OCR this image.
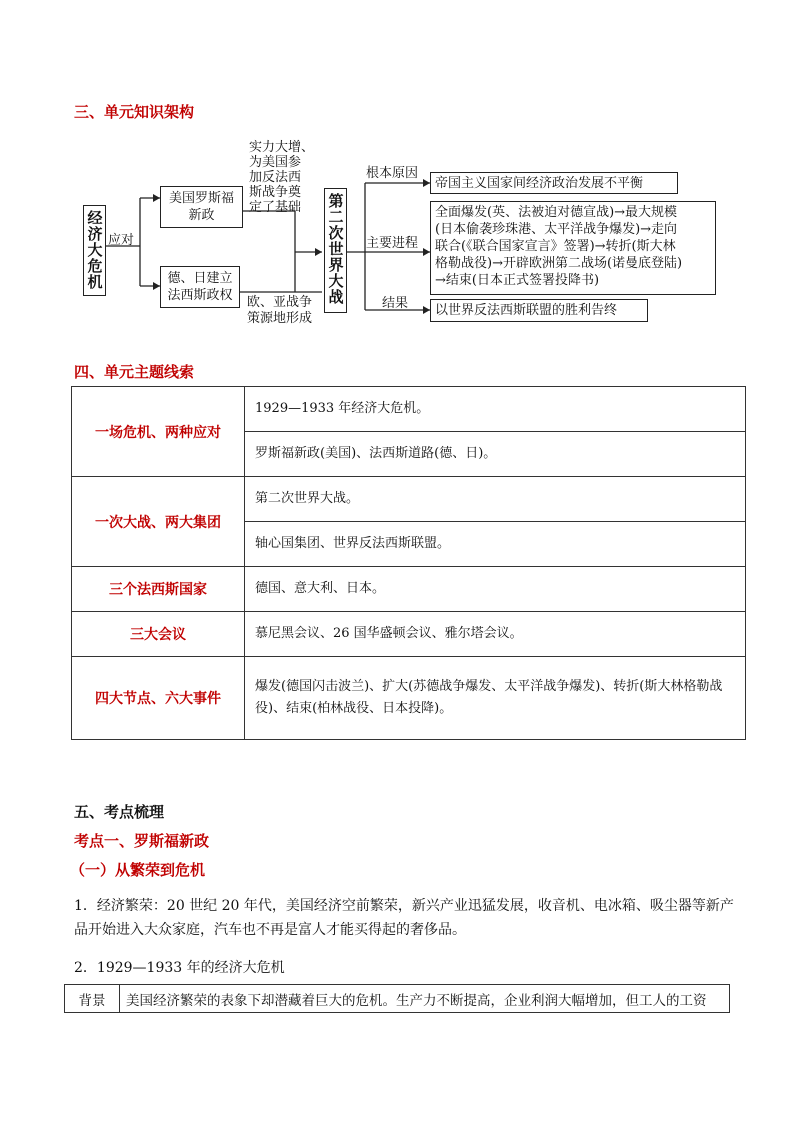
三、单元知识架构
经济大危机 应对
美国罗斯福
新政
德、日建立
法西斯政权
实力大增、
为美国参
加反法西
斯战争奠
定了基础
欧、亚战争
策源地形成
第二次世界大战
根本原因
帝国主义国家间经济政治发展不平衡
主要进程
全面爆发(英、法被迫对德宣战)→最大规模
(日本偷袭珍珠港、太平洋战争爆发)→走向
联合(《联合国家宣言》签署)→转折(斯大林
格勒战役)→开辟欧洲第二战场(诺曼底登陆)
→结束(日本正式签署投降书)
结果	以世界反法西斯联盟的胜利告终
四、单元主题线索
一场危机、两种应对	1929—1933 年经济大危机。
	罗斯福新政(美国)、法西斯道路(德、日)。
一次大战、两大集团	第二次世界大战。
	轴心国集团、世界反法西斯联盟。
三个法西斯国家	德国、意大利、日本。
三大会议	慕尼黑会议、26 国华盛顿会议、雅尔塔会议。
四大节点、六大事件	爆发(德国闪击波兰)、扩大(苏德战争爆发、太平洋战争爆发)、转折(斯大林格勒战役)、结束(柏林战役、日本投降)。
五、考点梳理
考点一、罗斯福新政
（一）从繁荣到危机
1．经济繁荣：20 世纪 20 年代，美国经济空前繁荣，新兴产业迅猛发展，收音机、电冰箱、吸尘器等新产
品开始进入大众家庭，汽车也不再是富人才能买得起的奢侈品。
2．1929—1933 年的经济大危机
背景	美国经济繁荣的表象下却潜藏着巨大的危机。生产力不断提高，企业利润大幅增加，但工人的工资
